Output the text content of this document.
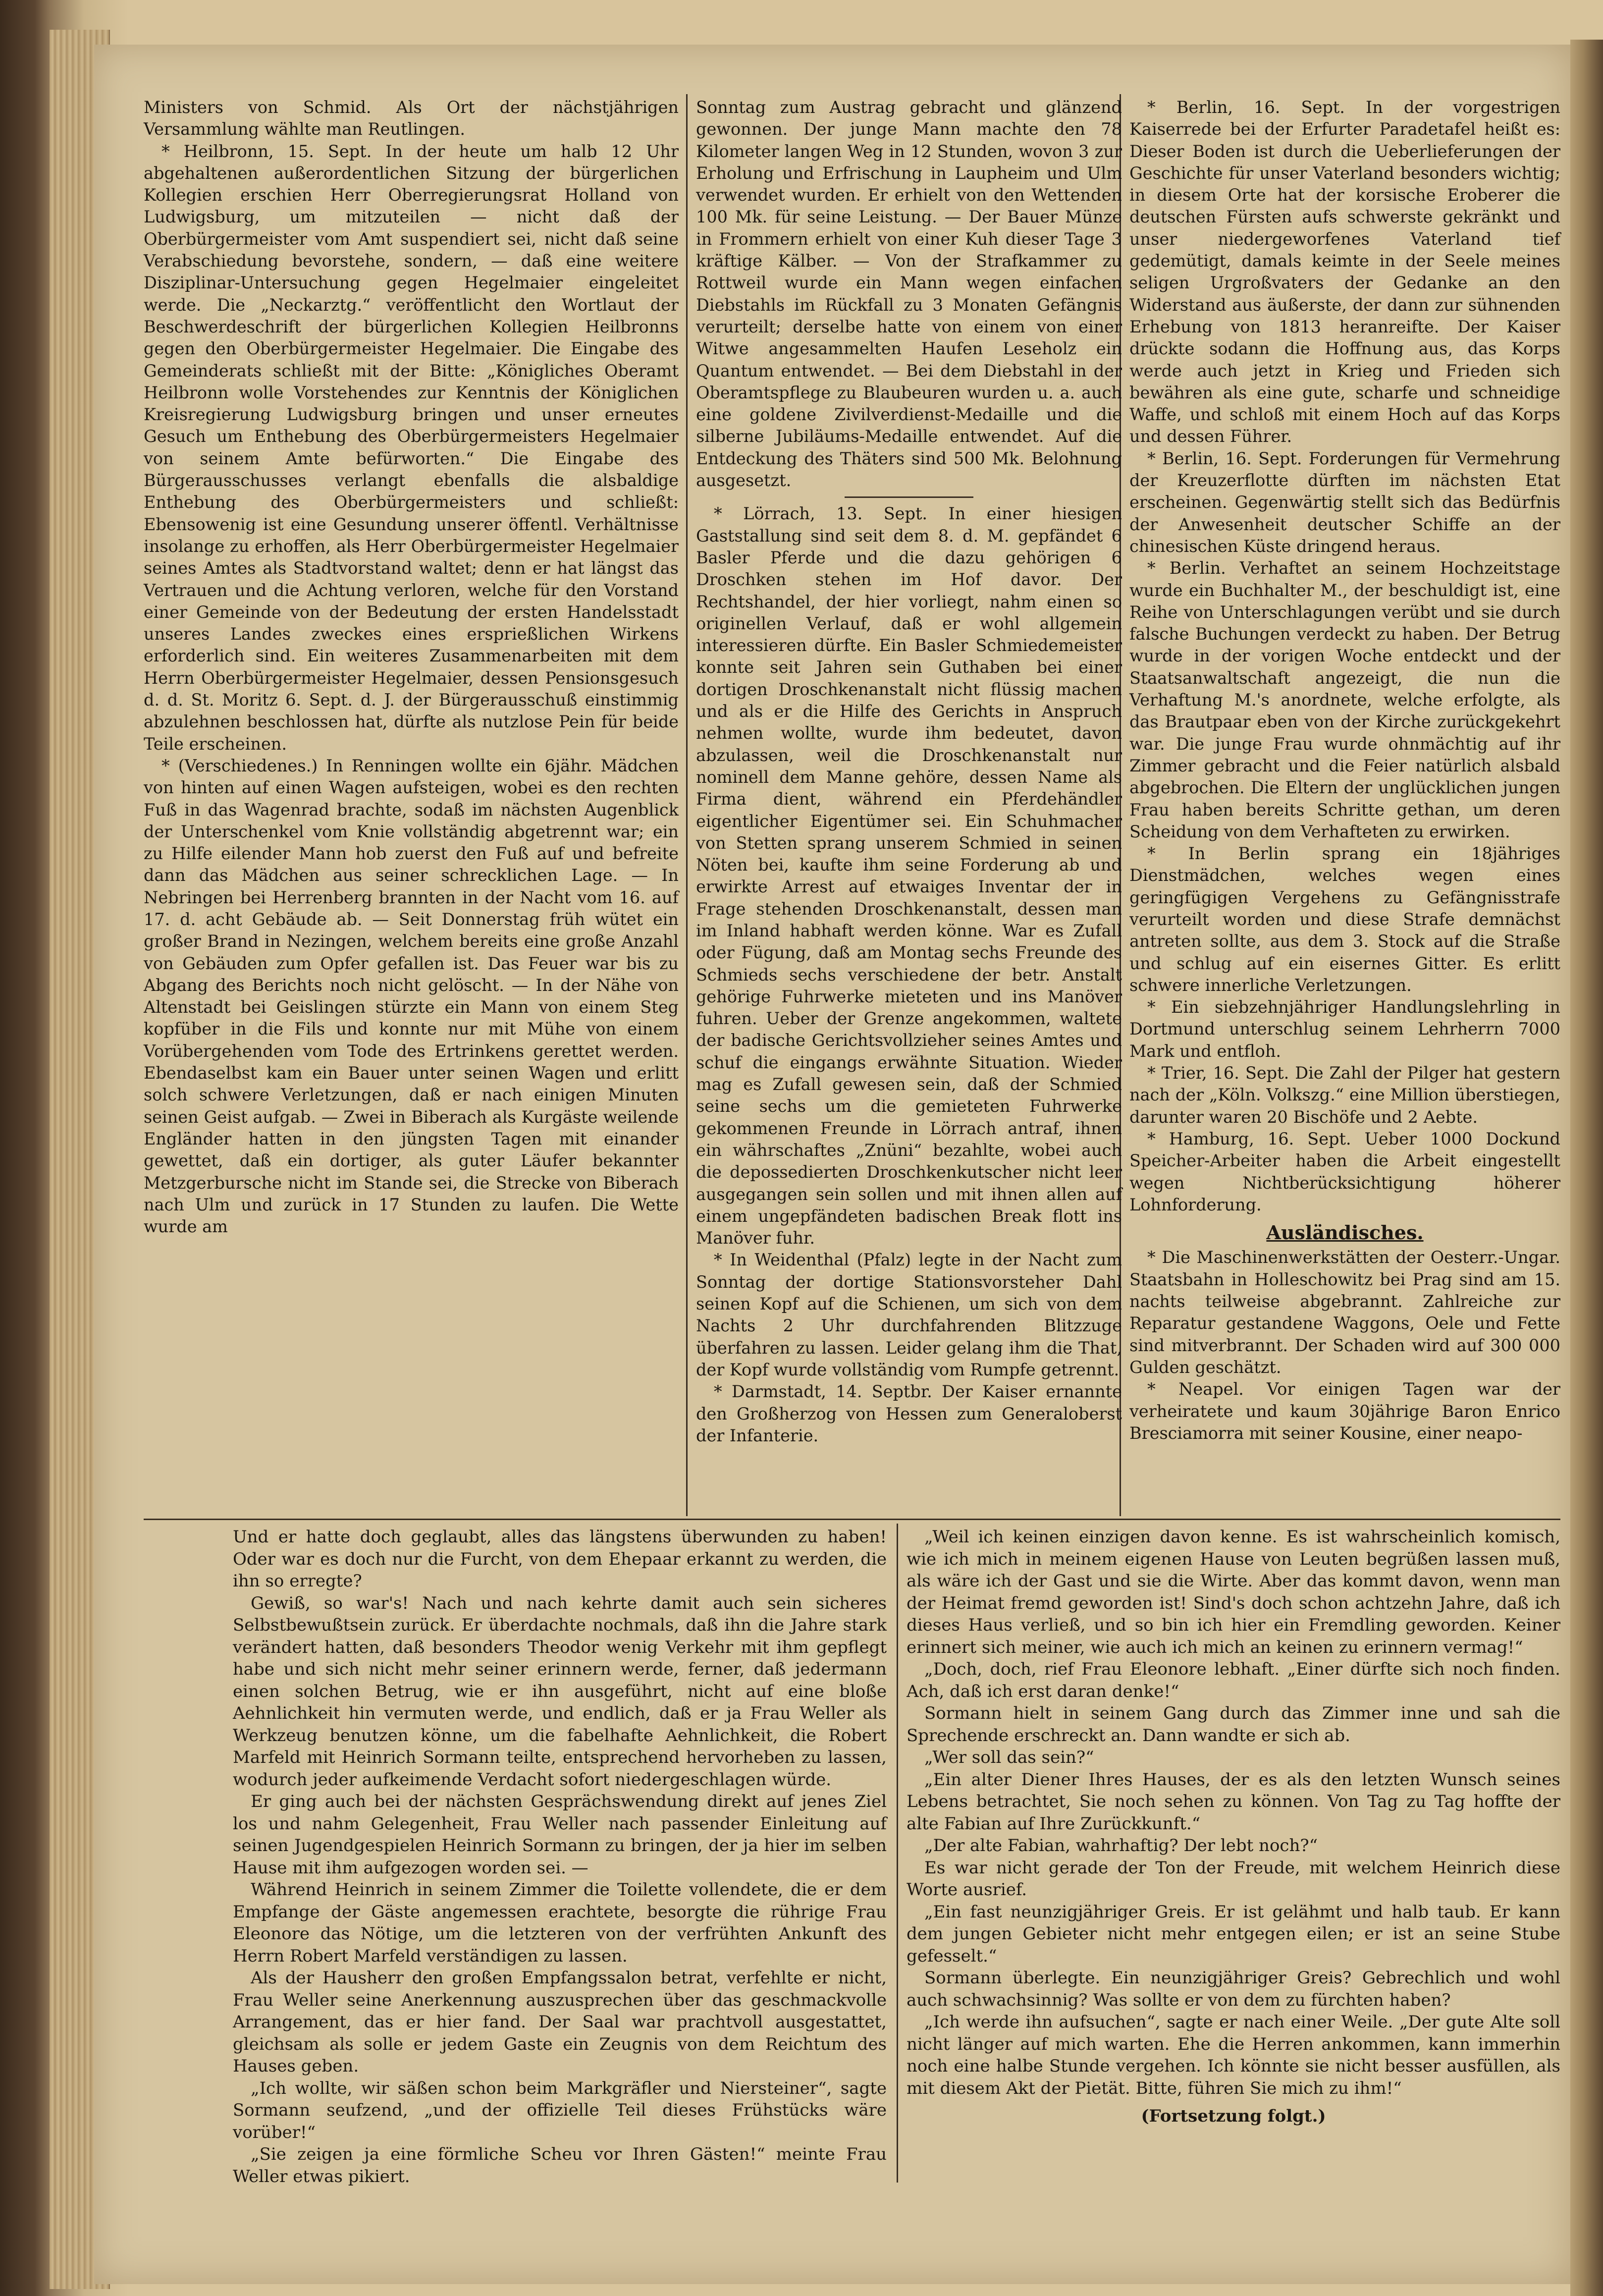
Ministers von Schmid. Als Ort der nächstjährigen Versammlung wählte man Reutlingen.

* Heilbronn, 15. Sept. In der heute um halb 12 Uhr abgehaltenen außerordentlichen Sitzung der bürgerlichen Kollegien erschien Herr Oberregierungsrat Holland von Ludwigsburg, um mitzuteilen — nicht daß der Oberbürgermeister vom Amt suspendiert sei, nicht daß seine Verabschiedung bevorstehe, sondern, — daß eine weitere Disziplinar-Untersuchung gegen Hegelmaier eingeleitet werde. Die „Neckarztg.“ veröffentlicht den Wortlaut der Beschwerdeschrift der bürgerlichen Kollegien Heilbronns gegen den Oberbürgermeister Hegelmaier. Die Eingabe des Gemeinderats schließt mit der Bitte: „Königliches Oberamt Heilbronn wolle Vorstehendes zur Kenntnis der Königlichen Kreisregierung Ludwigsburg bringen und unser erneutes Gesuch um Enthebung des Oberbürgermeisters Hegelmaier von seinem Amte befürworten.“ Die Eingabe des Bürgerausschusses verlangt ebenfalls die alsbaldige Enthebung des Oberbürgermeisters und schließt: Ebensowenig ist eine Gesundung unserer öffentl. Verhältnisse insolange zu erhoffen, als Herr Oberbürgermeister Hegelmaier seines Amtes als Stadtvorstand waltet; denn er hat längst das Vertrauen und die Achtung verloren, welche für den Vorstand einer Gemeinde von der Bedeutung der ersten Handelsstadt unseres Landes zweckes eines ersprießlichen Wirkens erforderlich sind. Ein weiteres Zusammenarbeiten mit dem Herrn Oberbürgermeister Hegelmaier, dessen Pensionsgesuch d. d. St. Moritz 6. Sept. d. J. der Bürgerausschuß einstimmig abzulehnen beschlossen hat, dürfte als nutzlose Pein für beide Teile erscheinen.

* (Verschiedenes.) In Renningen wollte ein 6jähr. Mädchen von hinten auf einen Wagen aufsteigen, wobei es den rechten Fuß in das Wagenrad brachte, sodaß im nächsten Augenblick der Unterschenkel vom Knie vollständig abgetrennt war; ein zu Hilfe eilender Mann hob zuerst den Fuß auf und befreite dann das Mädchen aus seiner schrecklichen Lage. — In Nebringen bei Herrenberg brannten in der Nacht vom 16. auf 17. d. acht Gebäude ab. — Seit Donnerstag früh wütet ein großer Brand in Nezingen, welchem bereits eine große Anzahl von Gebäuden zum Opfer gefallen ist. Das Feuer war bis zu Abgang des Berichts noch nicht gelöscht. — In der Nähe von Altenstadt bei Geislingen stürzte ein Mann von einem Steg kopfüber in die Fils und konnte nur mit Mühe von einem Vorübergehenden vom Tode des Ertrinkens gerettet werden. Ebendaselbst kam ein Bauer unter seinen Wagen und erlitt solch schwere Verletzungen, daß er nach einigen Minuten seinen Geist aufgab. — Zwei in Biberach als Kurgäste weilende Engländer hatten in den jüngsten Tagen mit einander gewettet, daß ein dortiger, als guter Läufer bekannter Metzgerbursche nicht im Stande sei, die Strecke von Biberach nach Ulm und zurück in 17 Stunden zu laufen. Die Wette wurde am

Sonntag zum Austrag gebracht und glänzend gewonnen. Der junge Mann machte den 78 Kilometer langen Weg in 12 Stunden, wovon 3 zur Erholung und Erfrischung in Laupheim und Ulm verwendet wurden. Er erhielt von den Wettenden 100 Mk. für seine Leistung. — Der Bauer Münze in Frommern erhielt von einer Kuh dieser Tage 3 kräftige Kälber. — Von der Strafkammer zu Rottweil wurde ein Mann wegen einfachen Diebstahls im Rückfall zu 3 Monaten Gefängnis verurteilt; derselbe hatte von einem von einer Witwe angesammelten Haufen Leseholz ein Quantum entwendet. — Bei dem Diebstahl in der Oberamtspflege zu Blaubeuren wurden u. a. auch eine goldene Zivilverdienst-Medaille und die silberne Jubiläums-Medaille entwendet. Auf die Entdeckung des Thäters sind 500 Mk. Belohnung ausgesetzt.

* Lörrach, 13. Sept. In einer hiesigen Gaststallung sind seit dem 8. d. M. gepfändet 6 Basler Pferde und die dazu gehörigen 6 Droschken stehen im Hof davor. Der Rechtshandel, der hier vorliegt, nahm einen so originellen Verlauf, daß er wohl allgemein interessieren dürfte. Ein Basler Schmiedemeister konnte seit Jahren sein Guthaben bei einer dortigen Droschkenanstalt nicht flüssig machen und als er die Hilfe des Gerichts in Anspruch nehmen wollte, wurde ihm bedeutet, davon abzulassen, weil die Droschkenanstalt nur nominell dem Manne gehöre, dessen Name als Firma dient, während ein Pferdehändler eigentlicher Eigentümer sei. Ein Schuhmacher von Stetten sprang unserem Schmied in seinen Nöten bei, kaufte ihm seine Forderung ab und erwirkte Arrest auf etwaiges Inventar der in Frage stehenden Droschkenanstalt, dessen man im Inland habhaft werden könne. War es Zufall oder Fügung, daß am Montag sechs Freunde des Schmieds sechs verschiedene der betr. Anstalt gehörige Fuhrwerke mieteten und ins Manöver fuhren. Ueber der Grenze angekommen, waltete der badische Gerichtsvollzieher seines Amtes und schuf die eingangs erwähnte Situation. Wieder mag es Zufall gewesen sein, daß der Schmied seine sechs um die gemieteten Fuhrwerke gekommenen Freunde in Lörrach antraf, ihnen ein währschaftes „Znüni“ bezahlte, wobei auch die depossedierten Droschkenkutscher nicht leer ausgegangen sein sollen und mit ihnen allen auf einem ungepfändeten badischen Break flott ins Manöver fuhr.

* In Weidenthal (Pfalz) legte in der Nacht zum Sonntag der dortige Stationsvorsteher Dahl seinen Kopf auf die Schienen, um sich von dem Nachts 2 Uhr durchfahrenden Blitzzuge überfahren zu lassen. Leider gelang ihm die That, der Kopf wurde vollständig vom Rumpfe getrennt.

* Darmstadt, 14. Septbr. Der Kaiser ernannte den Großherzog von Hessen zum Generaloberst der Infanterie.

* Berlin, 16. Sept. In der vorgestrigen Kaiserrede bei der Erfurter Paradetafel heißt es: Dieser Boden ist durch die Ueberlieferungen der Geschichte für unser Vaterland besonders wichtig; in diesem Orte hat der korsische Eroberer die deutschen Fürsten aufs schwerste gekränkt und unser niedergeworfenes Vaterland tief gedemütigt, damals keimte in der Seele meines seligen Urgroßvaters der Gedanke an den Widerstand aus äußerste, der dann zur sühnenden Erhebung von 1813 heranreifte. Der Kaiser drückte sodann die Hoffnung aus, das Korps werde auch jetzt in Krieg und Frieden sich bewähren als eine gute, scharfe und schneidige Waffe, und schloß mit einem Hoch auf das Korps und dessen Führer.

* Berlin, 16. Sept. Forderungen für Vermehrung der Kreuzerflotte dürften im nächsten Etat erscheinen. Gegenwärtig stellt sich das Bedürfnis der Anwesenheit deutscher Schiffe an der chinesischen Küste dringend heraus.

* Berlin. Verhaftet an seinem Hochzeitstage wurde ein Buchhalter M., der beschuldigt ist, eine Reihe von Unterschlagungen verübt und sie durch falsche Buchungen verdeckt zu haben. Der Betrug wurde in der vorigen Woche entdeckt und der Staatsanwaltschaft angezeigt, die nun die Verhaftung M.'s anordnete, welche erfolgte, als das Brautpaar eben von der Kirche zurückgekehrt war. Die junge Frau wurde ohnmächtig auf ihr Zimmer gebracht und die Feier natürlich alsbald abgebrochen. Die Eltern der unglücklichen jungen Frau haben bereits Schritte gethan, um deren Scheidung von dem Verhafteten zu erwirken.

* In Berlin sprang ein 18jähriges Dienstmädchen, welches wegen eines geringfügigen Vergehens zu Gefängnisstrafe verurteilt worden und diese Strafe demnächst antreten sollte, aus dem 3. Stock auf die Straße und schlug auf ein eisernes Gitter. Es erlitt schwere innerliche Verletzungen.

* Ein siebzehnjähriger Handlungslehrling in Dortmund unterschlug seinem Lehrherrn 7000 Mark und entfloh.

* Trier, 16. Sept. Die Zahl der Pilger hat gestern nach der „Köln. Volkszg.“ eine Million überstiegen, darunter waren 20 Bischöfe und 2 Aebte.

* Hamburg, 16. Sept. Ueber 1000 Dockund Speicher-Arbeiter haben die Arbeit eingestellt wegen Nichtberücksichtigung höherer Lohnforderung.

Ausländisches.

* Die Maschinenwerkstätten der Oesterr.-Ungar. Staatsbahn in Holleschowitz bei Prag sind am 15. nachts teilweise abgebrannt. Zahlreiche zur Reparatur gestandene Waggons, Oele und Fette sind mitverbrannt. Der Schaden wird auf 300 000 Gulden geschätzt.

* Neapel. Vor einigen Tagen war der verheiratete und kaum 30jährige Baron Enrico Bresciamorra mit seiner Kousine, einer neapo-

Und er hatte doch geglaubt, alles das längstens überwunden zu haben! Oder war es doch nur die Furcht, von dem Ehepaar erkannt zu werden, die ihn so erregte?

Gewiß, so war's! Nach und nach kehrte damit auch sein sicheres Selbstbewußtsein zurück. Er überdachte nochmals, daß ihn die Jahre stark verändert hatten, daß besonders Theodor wenig Verkehr mit ihm gepflegt habe und sich nicht mehr seiner erinnern werde, ferner, daß jedermann einen solchen Betrug, wie er ihn ausgeführt, nicht auf eine bloße Aehnlichkeit hin vermuten werde, und endlich, daß er ja Frau Weller als Werkzeug benutzen könne, um die fabelhafte Aehnlichkeit, die Robert Marfeld mit Heinrich Sormann teilte, entsprechend hervorheben zu lassen, wodurch jeder aufkeimende Verdacht sofort niedergeschlagen würde.

Er ging auch bei der nächsten Gesprächswendung direkt auf jenes Ziel los und nahm Gelegenheit, Frau Weller nach passender Einleitung auf seinen Jugendgespielen Heinrich Sormann zu bringen, der ja hier im selben Hause mit ihm aufgezogen worden sei. —

Während Heinrich in seinem Zimmer die Toilette vollendete, die er dem Empfange der Gäste angemessen erachtete, besorgte die rührige Frau Eleonore das Nötige, um die letzteren von der verfrühten Ankunft des Herrn Robert Marfeld verständigen zu lassen.

Als der Hausherr den großen Empfangssalon betrat, verfehlte er nicht, Frau Weller seine Anerkennung auszusprechen über das geschmackvolle Arrangement, das er hier fand. Der Saal war prachtvoll ausgestattet, gleichsam als solle er jedem Gaste ein Zeugnis von dem Reichtum des Hauses geben.

„Ich wollte, wir säßen schon beim Markgräfler und Niersteiner“, sagte Sormann seufzend, „und der offizielle Teil dieses Frühstücks wäre vorüber!“

„Sie zeigen ja eine förmliche Scheu vor Ihren Gästen!“ meinte Frau Weller etwas pikiert.

„Weil ich keinen einzigen davon kenne. Es ist wahrscheinlich komisch, wie ich mich in meinem eigenen Hause von Leuten begrüßen lassen muß, als wäre ich der Gast und sie die Wirte. Aber das kommt davon, wenn man der Heimat fremd geworden ist! Sind's doch schon achtzehn Jahre, daß ich dieses Haus verließ, und so bin ich hier ein Fremdling geworden. Keiner erinnert sich meiner, wie auch ich mich an keinen zu erinnern vermag!“

„Doch, doch, rief Frau Eleonore lebhaft. „Einer dürfte sich noch finden. Ach, daß ich erst daran denke!“

Sormann hielt in seinem Gang durch das Zimmer inne und sah die Sprechende erschreckt an. Dann wandte er sich ab.

„Wer soll das sein?“

„Ein alter Diener Ihres Hauses, der es als den letzten Wunsch seines Lebens betrachtet, Sie noch sehen zu können. Von Tag zu Tag hoffte der alte Fabian auf Ihre Zurückkunft.“

„Der alte Fabian, wahrhaftig? Der lebt noch?“

Es war nicht gerade der Ton der Freude, mit welchem Heinrich diese Worte ausrief.

„Ein fast neunzigjähriger Greis. Er ist gelähmt und halb taub. Er kann dem jungen Gebieter nicht mehr entgegen eilen; er ist an seine Stube gefesselt.“

Sormann überlegte. Ein neunzigjähriger Greis? Gebrechlich und wohl auch schwachsinnig? Was sollte er von dem zu fürchten haben?

„Ich werde ihn aufsuchen“, sagte er nach einer Weile. „Der gute Alte soll nicht länger auf mich warten. Ehe die Herren ankommen, kann immerhin noch eine halbe Stunde vergehen. Ich könnte sie nicht besser ausfüllen, als mit diesem Akt der Pietät. Bitte, führen Sie mich zu ihm!“

(Fortsetzung folgt.)
